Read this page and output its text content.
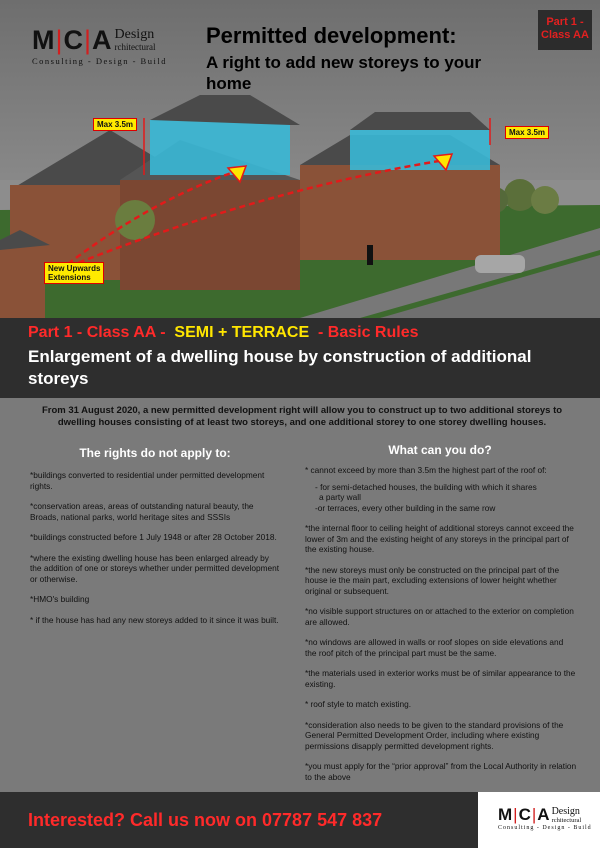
M|C|A Design
rchitectural
Consulting - Design - Build
Part 1 -
Class AA
Permitted development:
A right to add new storeys to your home
Max 3.5m
Max 3.5m
New Upwards
Extensions
Part 1 - Class AA - SEMI + TERRACE - Basic Rules
Enlargement of a dwelling house by construction of additional storeys
From 31 August 2020, a new permitted development right will allow you to construct up to two additional storeys to dwelling houses consisting of at least two storeys, and one additional storey to one storey dwelling houses.
The rights do not apply to:

*buildings converted to residential under permitted development rights.

*conservation areas, areas of outstanding natural beauty, the Broads, national parks, world heritage sites and SSSIs

*buildings constructed before 1 July 1948 or after 28 October 2018.

*where the existing dwelling house has been enlarged already by the addition of one or storeys whether under permitted development or otherwise.

*HMO's building

* if the house has had any new storeys added to it since it was built.

What can you do?

* cannot exceed by more than 3.5m the highest part of the roof of:

- for semi-detached houses, the building with which it shares

a party wall

-or terraces, every other building in the same row

*the internal floor to ceiling height of additional storeys cannot exceed the lower of 3m and the existing height of any storeys in the principal part of the existing house.

*the new storeys must only be constructed on the principal part of the house ie the main part, excluding extensions of lower height whether original or subsequent.

*no visible support structures on or attached to the exterior on completion are allowed.

*no windows are allowed in walls or roof slopes on side elevations and the roof pitch of the principal part must be the same.

*the materials used in exterior works must be of similar appearance to the existing.

* roof style to match existing.

*consideration also needs to be given to the standard provisions of the General Permitted Development Order, including where existing permissions disapply permitted development rights.

*you must apply for the “prior approval” from the Local Authority in relation to the above

Interested? Call us now on 07787 547 837	M|C|A Design
rchitectural
Consulting - Design - Build
